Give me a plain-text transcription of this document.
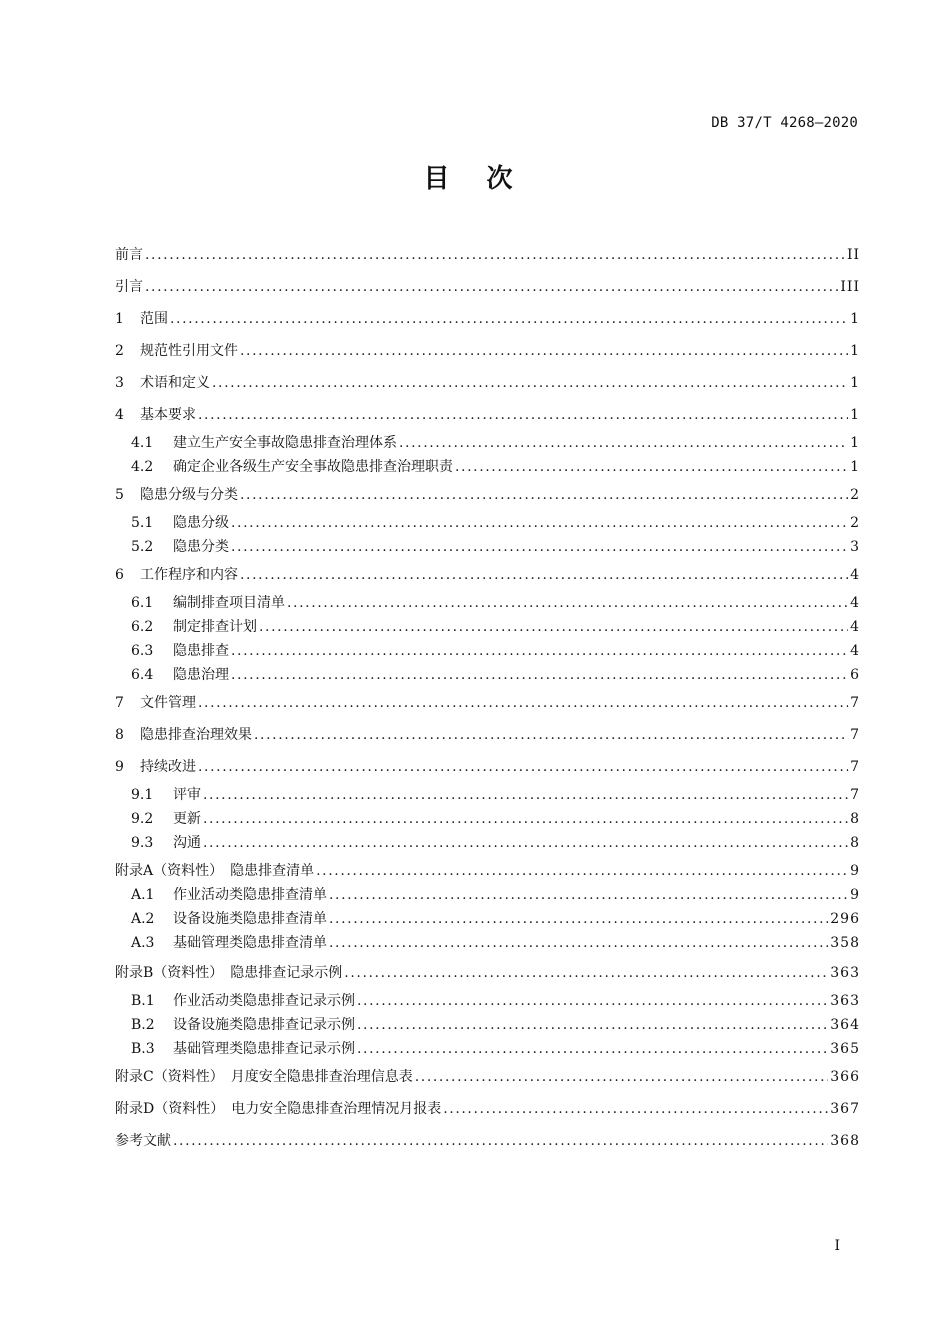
DB 37/T 4268—2020
目 次
前言 .....	II
引言 .....	III
1	范围 .....	1
2	规范性引用文件 .....	1
3	术语和定义 .....	1
4	基本要求 .....	1
4.1	建立生产安全事故隐患排查治理体系 .....	1
4.2	确定企业各级生产安全事故隐患排查治理职责 .....	1
5	隐患分级与分类 .....	2
5.1	隐患分级 .....	2
5.2	隐患分类 .....	3
6	工作程序和内容 .....	4
6.1	编制排查项目清单 .....	4
6.2	制定排查计划 .....	4
6.3	隐患排查 .....	4
6.4	隐患治理 .....	6
7	文件管理 .....	7
8	隐患排查治理效果 .....	7
9	持续改进 .....	7
9.1	评审 .....	7
9.2	更新 .....	8
9.3	沟通 .....	8
附录A（资料性）　隐患排查清单 .....	9
A.1	作业活动类隐患排查清单 .....	9
A.2	设备设施类隐患排查清单 .....	296
A.3	基础管理类隐患排查清单 .....	358
附录B（资料性）　隐患排查记录示例 .....	363
B.1	作业活动类隐患排查记录示例 .....	363
B.2	设备设施类隐患排查记录示例 .....	364
B.3	基础管理类隐患排查记录示例 .....	365
附录C（资料性）　月度安全隐患排查治理信息表 .....	366
附录D（资料性）　电力安全隐患排查治理情况月报表 .....	367
参考文献 .....	368
I
